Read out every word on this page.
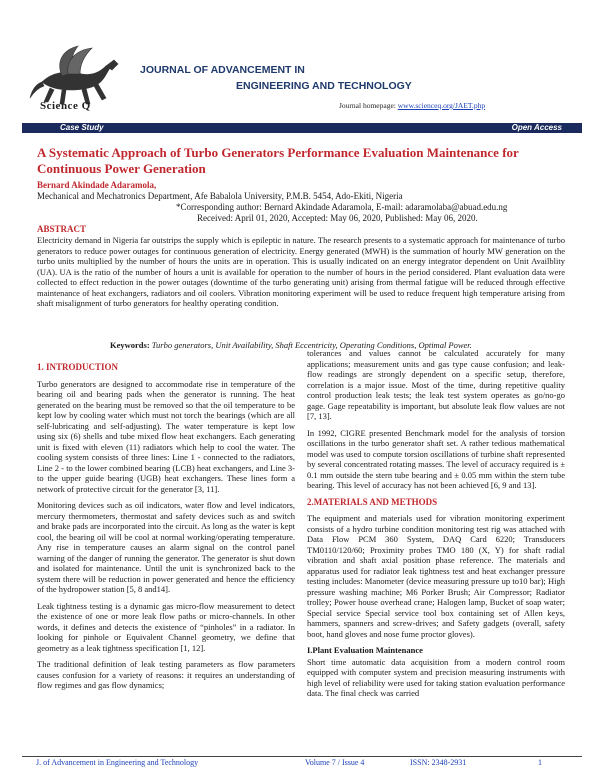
Science Q
JOURNAL OF ADVANCEMENT IN
ENGINEERING AND TECHNOLOGY
Journal homepage: www.scienceq.org/JAET.php
Case Study	Open Access
A Systematic Approach of Turbo Generators Performance Evaluation Maintenance for Continuous Power Generation
Bernard Akindade Adaramola,
Mechanical and Mechatronics Department, Afe Babalola University, P.M.B. 5454, Ado-Ekiti, Nigeria
*Corresponding author: Bernard Akindade Adaramola, E-mail: adaramolaba@abuad.edu.ng
Received: April 01, 2020, Accepted: May 06, 2020, Published: May 06, 2020.
ABSTRACT
Electricity demand in Nigeria far outstrips the supply which is epileptic in nature. The research presents to a systematic approach for maintenance of turbo generators to reduce power outages for continuous generation of electricity. Energy generated (MWH) is the summation of hourly MW generation on the turbo units multiplied by the number of hours the units are in operation. This is usually indicated on an energy integrator dependent on Unit Availblity (UA). UA is the ratio of the number of hours a unit is available for operation to the number of hours in the period considered. Plant evaluation data were collected to effect reduction in the power outages (downtime of the turbo generating unit) arising from thermal fatigue will be reduced through effective maintenance of heat exchangers, radiators and oil coolers. Vibration monitoring experiment will be used to reduce frequent high temperature arising from shaft misalignment of turbo generators for healthy operating condition.
Keywords: Turbo generators, Unit Availability, Shaft Eccentricity, Operating Conditions, Optimal Power.
1. INTRODUCTION

Turbo generators are designed to accommodate rise in temperature of the bearing oil and bearing pads when the generator is running. The heat generated on the bearing must be removed so that the oil temperature to be kept low by cooling water which must not torch the bearings (which are all self-lubricating and self-adjusting). The water temperature is kept low using six (6) shells and tube mixed flow heat exchangers. Each generating unit is fixed with eleven (11) radiators which help to cool the water. The cooling system consists of three lines: Line 1 - connected to the radiators, Line 2 - to the lower combined bearing (LCB) heat exchangers, and Line 3- to the upper guide bearing (UGB) heat exchangers. These lines form a network of protective circuit for the generator [3, 11].

Monitoring devices such as oil indicators, water flow and level indicators, mercury thermometers, thermostat and safety devices such as and switch and brake pads are incorporated into the circuit. As long as the water is kept cool, the bearing oil will be cool at normal working/operating temperature. Any rise in temperature causes an alarm signal on the control panel warning of the danger of running the generator. The generator is shut down and isolated for maintenance. Until the unit is synchronized back to the system there will be reduction in power generated and hence the efficiency of the hydropower station [5, 8 and14].

Leak tightness testing is a dynamic gas micro-flow measurement to detect the existence of one or more leak flow paths or micro-channels. In other words, it defines and detects the existence of “pinholes” in a radiator. In looking for pinhole or Equivalent Channel geometry, we define that geometry as a leak tightness specification [1, 12].

The traditional definition of leak testing parameters as flow parameters causes confusion for a variety of reasons: it requires an understanding of flow regimes and gas flow dynamics;

tolerances and values cannot be calculated accurately for many applications; measurement units and gas type cause confusion; and leak-flow readings are strongly dependent on a specific setup, therefore, correlation is a major issue. Most of the time, during repetitive quality control production leak tests; the leak test system operates as go/no-go gage. Gage repeatability is important, but absolute leak flow values are not [7, 13].

In 1992, CIGRE presented Benchmark model for the analysis of torsion oscillations in the turbo generator shaft set. A rather tedious mathematical model was used to compute torsion oscillations of turbine shaft represented by several concentrated rotating masses. The level of accuracy required is ± 0.1 mm outside the stern tube bearing and ± 0.05 mm within the stern tube bearing. This level of accuracy has not been achieved [6, 9 and 13].

2.MATERIALS AND METHODS

The equipment and materials used for vibration monitoring experiment consists of a hydro turbine condition monitoring test rig was attached with Data Flow PCM 360 System, DAQ Card 6220; Transducers TM0110/120/60; Proximity probes TMO 180 (X, Y) for shaft radial vibration and shaft axial position phase reference. The materials and apparatus used for radiator leak tightness test and heat exchanger pressure testing includes: Manometer (device measuring pressure up to10 bar); High pressure washing machine; M6 Porker Brush; Air Compressor; Radiator trolley; Power house overhead crane; Halogen lamp, Bucket of soap water; Special service Special service tool box containing set of Allen keys, hammers, spanners and screw-drives; and Safety gadgets (overall, safety boot, hand gloves and nose fume proctor gloves).

I.Plant Evaluation Maintenance

Short time automatic data acquisition from a modern control room equipped with computer system and precision measuring instruments with high level of reliability were used for taking station evaluation performance data. The final check was carried

J. of Advancement in Engineering and Technology	Volume 7 / Issue 4	ISSN: 2348-2931	1
